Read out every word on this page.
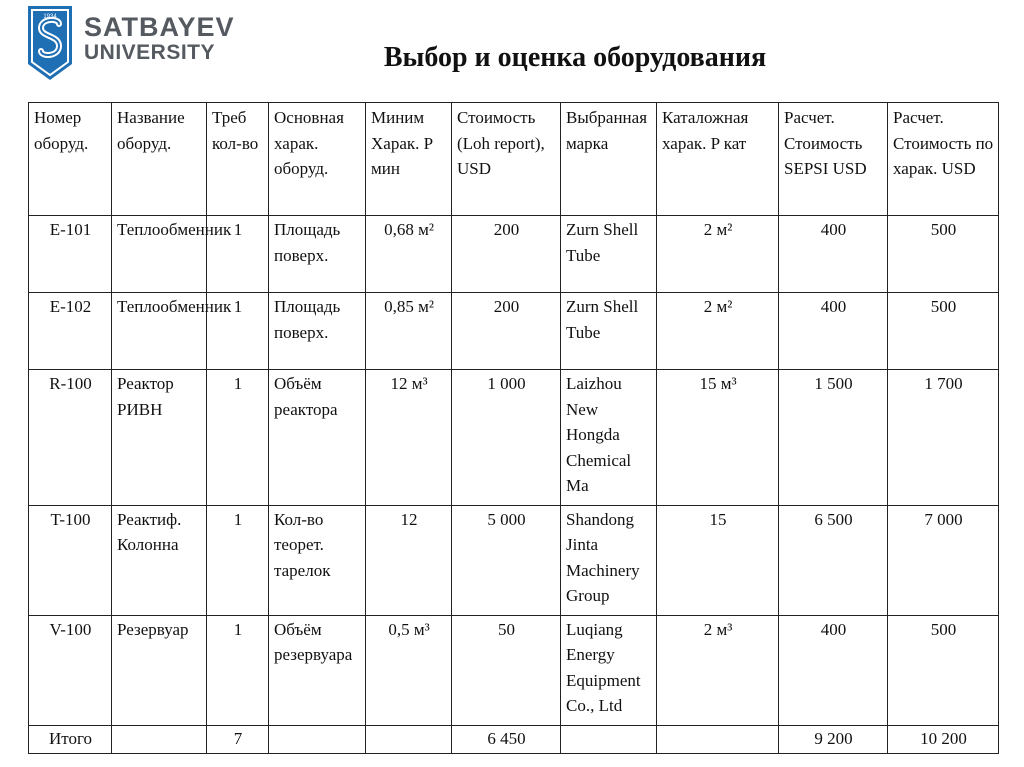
1934 SATBAYEV
UNIVERSITY	Выбор и оценка оборудования
Номер оборуд.	Название оборуд.	Треб кол-во	Основная харак. оборуд.	Миним Харак. P мин	Стоимость (Loh report), USD	Выбранная марка	Каталожная харак. P кат	Расчет. Стоимость SEPSI USD	Расчет. Стоимость по харак. USD
E-101	Теплообменник	1	Площадь поверх.	0,68 м²	200	Zurn Shell Tube	2 м²	400	500
E-102	Теплообменник	1	Площадь поверх.	0,85 м²	200	Zurn Shell Tube	2 м²	400	500
R-100	Реактор РИВН	1	Объём реактора	12 м³	1 000	Laizhou New Hongda Chemical Ma	15 м³	1 500	1 700
T-100	Реактиф. Колонна	1	Кол-во теорет. тарелок	12	5 000	Shandong Jinta Machinery Group	15	6 500	7 000
V-100	Резервуар	1	Объём резервуара	0,5 м³	50	Luqiang Energy Equipment Co., Ltd	2 м³	400	500
Итого		7			6 450			9 200	10 200
